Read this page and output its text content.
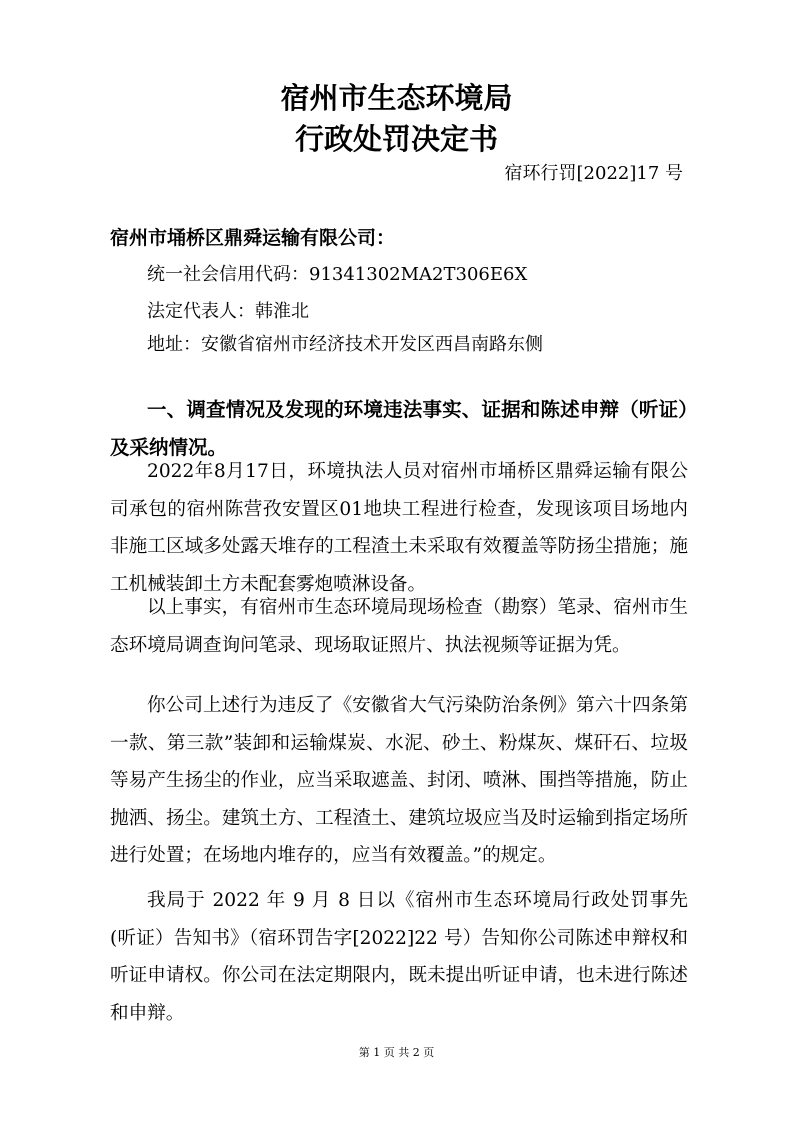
宿州市生态环境局
行政处罚决定书
宿环行罚[2022]17 号
宿州市埇桥区鼎舜运输有限公司：
统一社会信用代码：91341302MA2T306E6X
法定代表人：韩淮北
地址：安徽省宿州市经济技术开发区西昌南路东侧
一、调查情况及发现的环境违法事实、证据和陈述申辩（听证）及采纳情况。
2022年8月17日，环境执法人员对宿州市埇桥区鼎舜运输有限公司承包的宿州陈营孜安置区01地块工程进行检查，发现该项目场地内非施工区域多处露天堆存的工程渣土未采取有效覆盖等防扬尘措施；施工机械装卸土方未配套雾炮喷淋设备。
以上事实，有宿州市生态环境局现场检查（勘察）笔录、宿州市生态环境局调查询问笔录、现场取证照片、执法视频等证据为凭。
你公司上述行为违反了《安徽省大气污染防治条例》第六十四条第一款、第三款”装卸和运输煤炭、水泥、砂土、粉煤灰、煤矸石、垃圾等易产生扬尘的作业，应当采取遮盖、封闭、喷淋、围挡等措施，防止抛洒、扬尘。建筑土方、工程渣土、建筑垃圾应当及时运输到指定场所进行处置；在场地内堆存的，应当有效覆盖。”的规定。
我局于 2022 年 9 月 8 日以《宿州市生态环境局行政处罚事先(听证）告知书》（宿环罚告字[2022]22 号）告知你公司陈述申辩权和听证申请权。你公司在法定期限内，既未提出听证申请，也未进行陈述和申辩。
第 1 页 共 2 页
